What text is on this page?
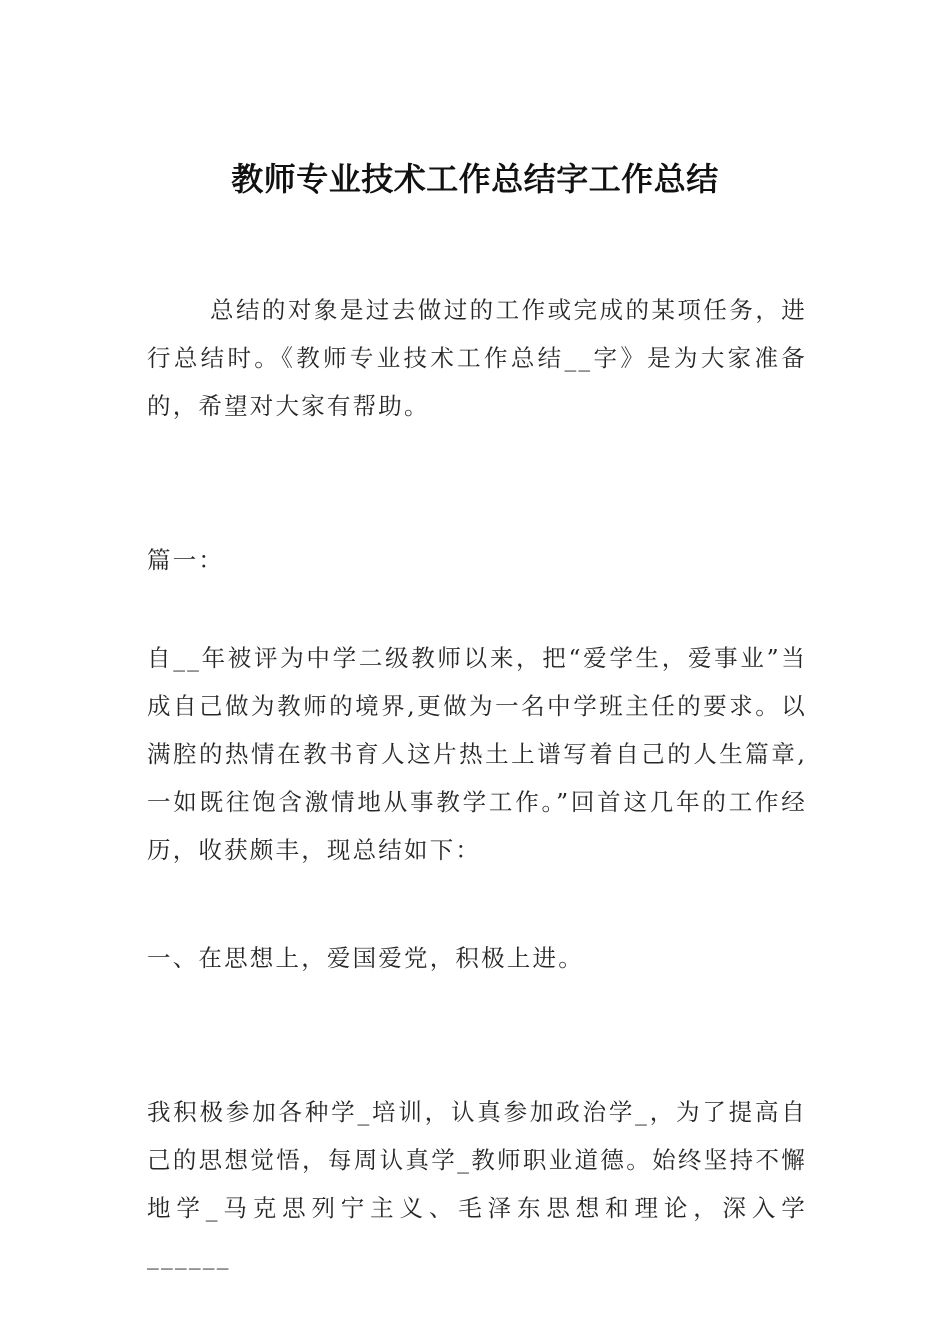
教师专业技术工作总结字工作总结

总结的对象是过去做过的工作或完成的某项任务，进行总结时。《教师专业技术工作总结__字》是为大家准备的，希望对大家有帮助。

篇一：

自__年被评为中学二级教师以来，把“爱学生，爱事业”当成自己做为教师的境界,更做为一名中学班主任的要求。以满腔的热情在教书育人这片热土上谱写着自己的人生篇章,一如既往饱含激情地从事教学工作。”回首这几年的工作经历，收获颇丰，现总结如下：

一、在思想上，爱国爱党，积极上进。

我积极参加各种学_培训，认真参加政治学_，为了提高自己的思想觉悟，每周认真学_教师职业道德。始终坚持不懈地学_马克思列宁主义、毛泽东思想和理论，深入学______
